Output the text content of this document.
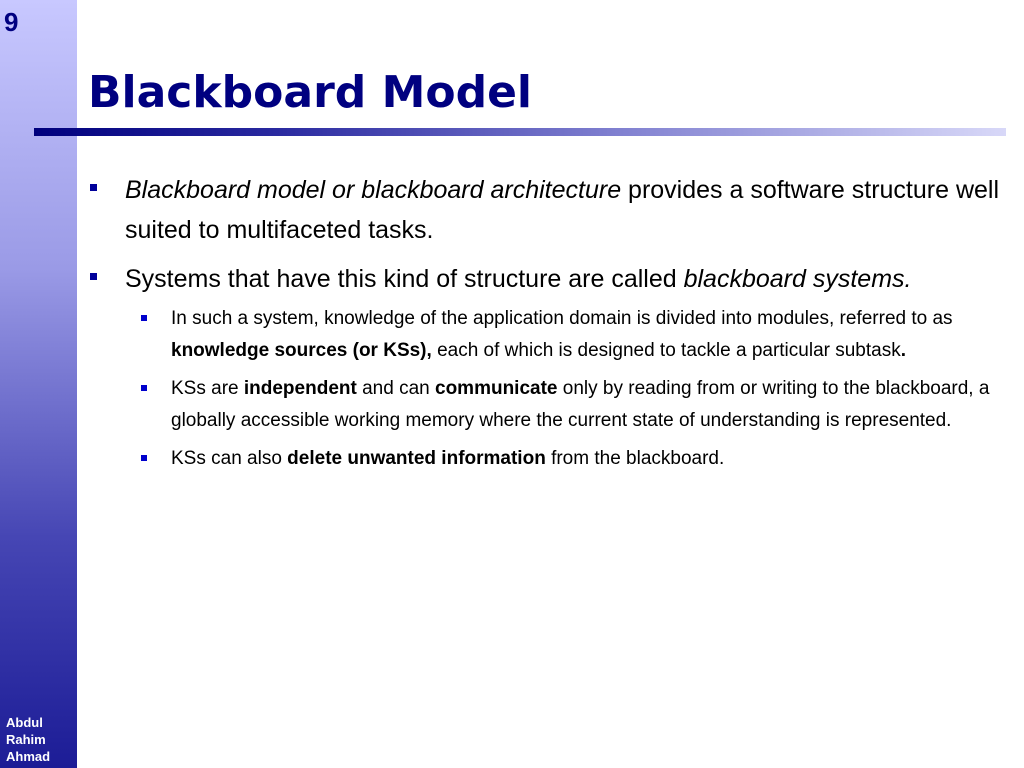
9
Abdul
Rahim
Ahmad
Blackboard Model
Blackboard model or blackboard architecture provides a software structure well suited to multifaceted tasks.
Systems that have this kind of structure are called blackboard systems.
In such a system, knowledge of the application domain is divided into modules, referred to as knowledge sources (or KSs), each of which is designed to tackle a particular subtask.
KSs are independent and can communicate only by reading from or writing to the blackboard, a globally accessible working memory where the current state of understanding is represented.
KSs can also delete unwanted information from the blackboard.
